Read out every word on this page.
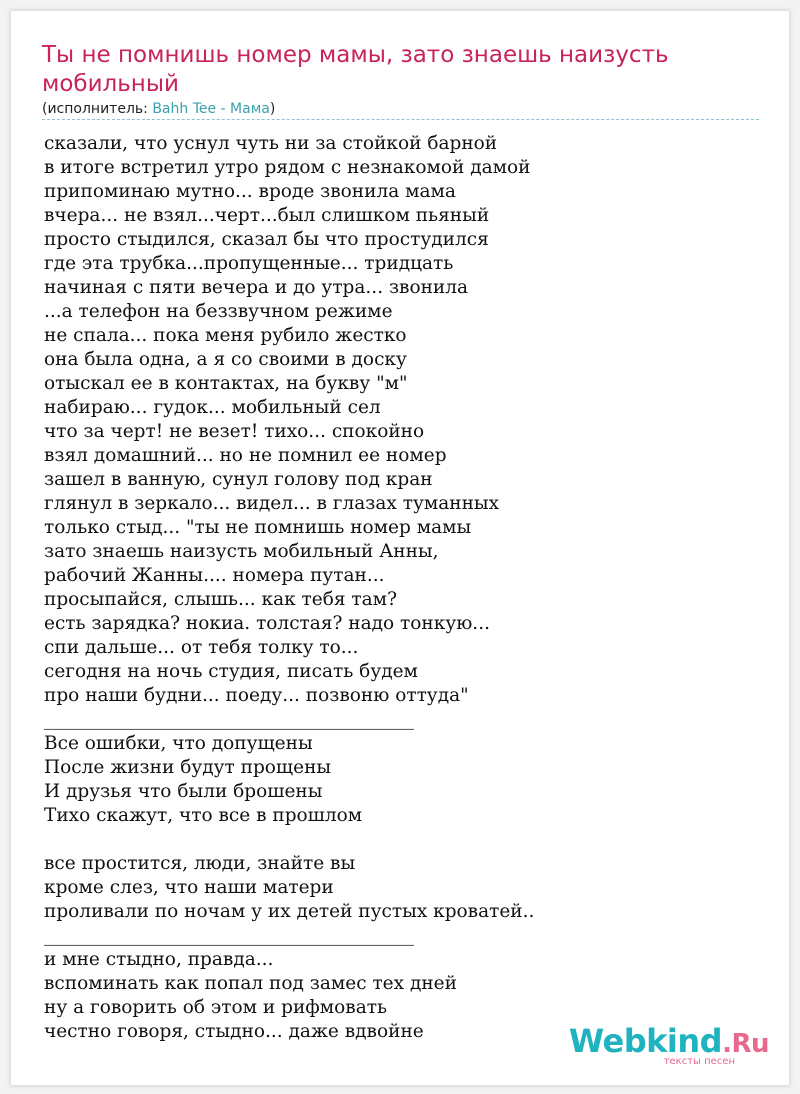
Ты не помнишь номер мамы, зато знаешь наизусть мобильный
(исполнитель: Bahh Tee - Мама)
сказали, что уснул чуть ни за стойкой барной
в итоге встретил утро рядом с незнакомой дамой
припоминаю мутно... вроде звонила мама
вчера... не взял...черт...был слишком пьяный
просто стыдился, сказал бы что простудился
где эта трубка...пропущенные... тридцать
начиная с пяти вечера и до утра... звонила
...а телефон на беззвучном режиме
не спала... пока меня рубило жестко
она была одна, а я со своими в доску
отыскал ее в контактах, на букву "м"
набираю... гудок... мобильный сел
что за черт! не везет! тихо... спокойно
взял домашний... но не помнил ее номер
зашел в ванную, сунул голову под кран
глянул в зеркало... видел... в глазах туманных
только стыд... "ты не помнишь номер мамы
зато знаешь наизусть мобильный Анны,
рабочий Жанны.... номера путан...
просыпайся, слышь... как тебя там?
есть зарядка? нокиа. толстая? надо тонкую...
спи дальше... от тебя толку то...
сегодня на ночь студия, писать будем
про наши будни... поеду... позвоню оттуда"
________________________________________
Все ошибки, что допущены
После жизни будут прощены
И друзья что были брошены
Тихо скажут, что все в прошлом
все простится, люди, знайте вы
кроме слез, что наши матери
проливали по ночам у их детей пустых кроватей..
________________________________________
и мне стыдно, правда...
вспоминать как попал под замес тех дней
ну а говорить об этом и рифмовать
честно говоря, стыдно... даже вдвойне	Webkind.Ru
тексты песен
